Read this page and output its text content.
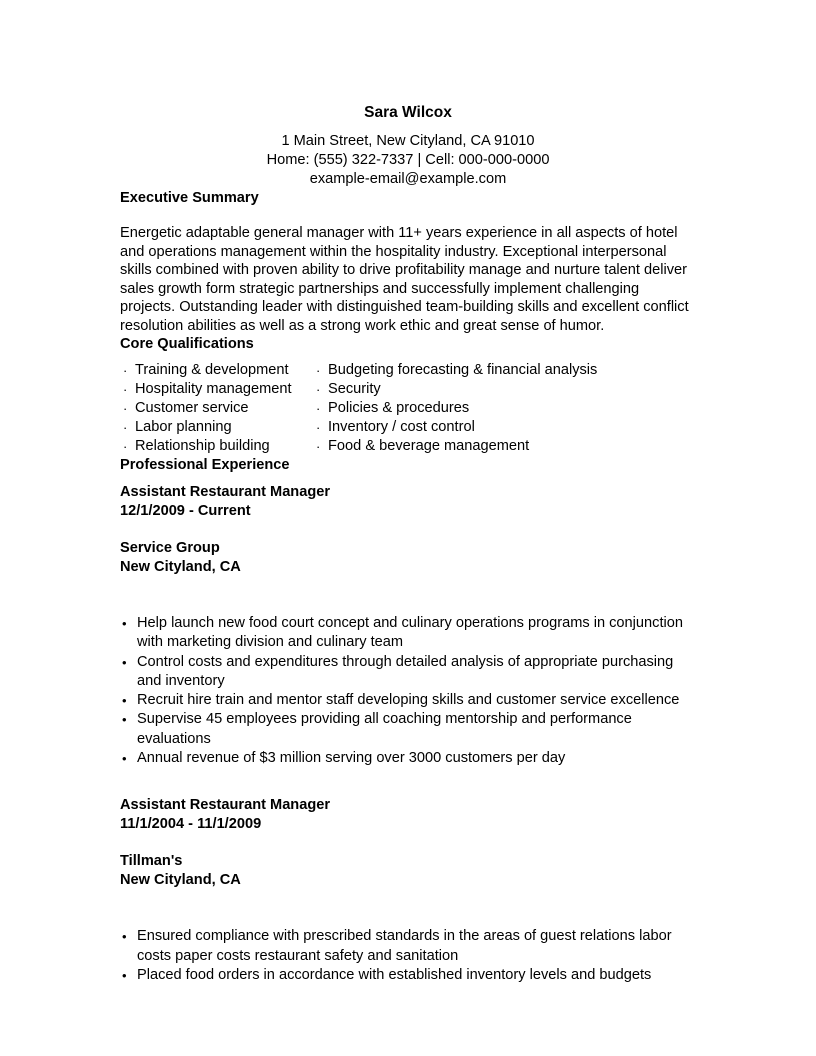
Sara Wilcox
1 Main Street, New Cityland, CA 91010
Home: (555) 322-7337 | Cell: 000-000-0000
example-email@example.com
Executive Summary
Energetic adaptable general manager with 11+ years experience in all aspects of hotel and operations management within the hospitality industry. Exceptional interpersonal skills combined with proven ability to drive profitability manage and nurture talent deliver sales growth form strategic partnerships and successfully implement challenging projects. Outstanding leader with distinguished team-building skills and excellent conflict resolution abilities as well as a strong work ethic and great sense of humor.
Core Qualifications
· Training & development
· Hospitality management
· Customer service
· Labor planning
· Relationship building
· Budgeting forecasting & financial analysis
· Security
· Policies & procedures
· Inventory / cost control
· Food & beverage management
Professional Experience
Assistant Restaurant Manager
12/1/2009 - Current
Service Group
New Cityland, CA
• Help launch new food court concept and culinary operations programs in conjunction with marketing division and culinary team
• Control costs and expenditures through detailed analysis of appropriate purchasing and inventory
• Recruit hire train and mentor staff developing skills and customer service excellence
• Supervise 45 employees providing all coaching mentorship and performance evaluations
• Annual revenue of $3 million serving over 3000 customers per day
Assistant Restaurant Manager
11/1/2004 - 11/1/2009
Tillman's
New Cityland, CA
• Ensured compliance with prescribed standards in the areas of guest relations labor costs paper costs restaurant safety and sanitation
• Placed food orders in accordance with established inventory levels and budgets
